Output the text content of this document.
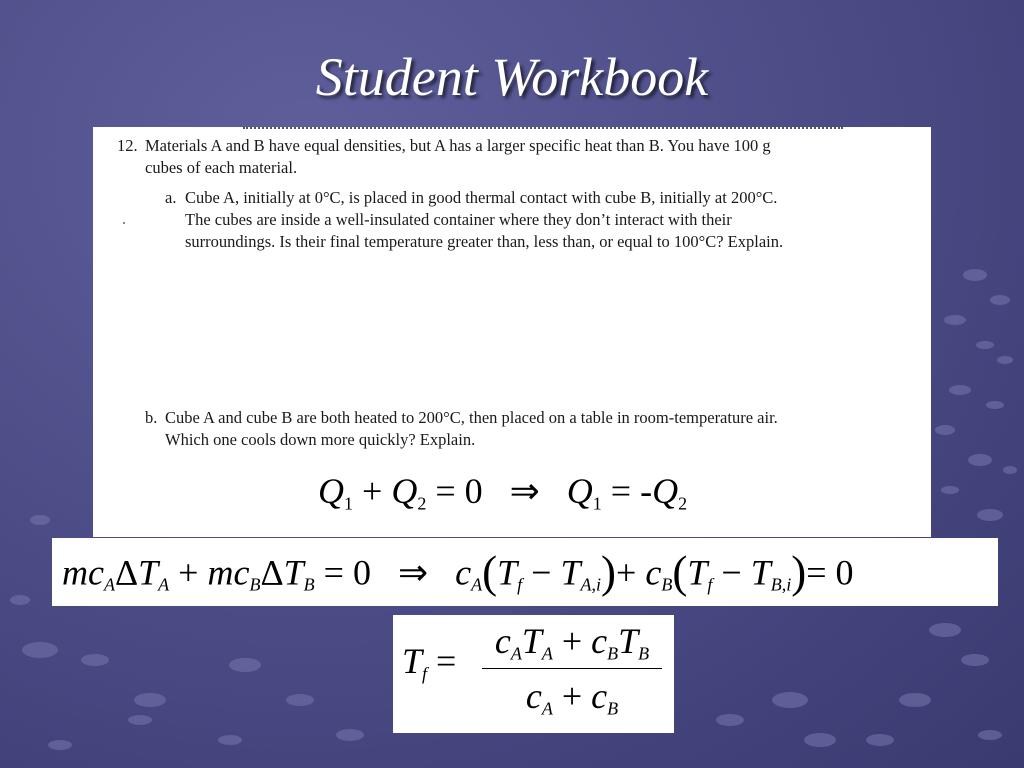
Student Workbook
12. Materials A and B have equal densities, but A has a larger specific heat than B. You have 100 g
cubes of each material.
a. Cube A, initially at 0°C, is placed in good thermal contact with cube B, initially at 200°C.
The cubes are inside a well-insulated container where they don’t interact with their
surroundings. Is their final temperature greater than, less than, or equal to 100°C? Explain.
b. Cube A and cube B are both heated to 200°C, then placed on a table in room-temperature air.
Which one cools down more quickly? Explain.
$Q_1 + Q_2 = 0$ ⇒   $Q_1 = -Q_2$
$mc_A\Delta T_A + mc_B\Delta T_B = 0$ ⇒   $c_A(T_f - T_{A,i})+ c_B(T_f - T_{B,i})= 0$
$T_f$ =	$c_AT_A + c_BT_B$
$c_A + c_B$
